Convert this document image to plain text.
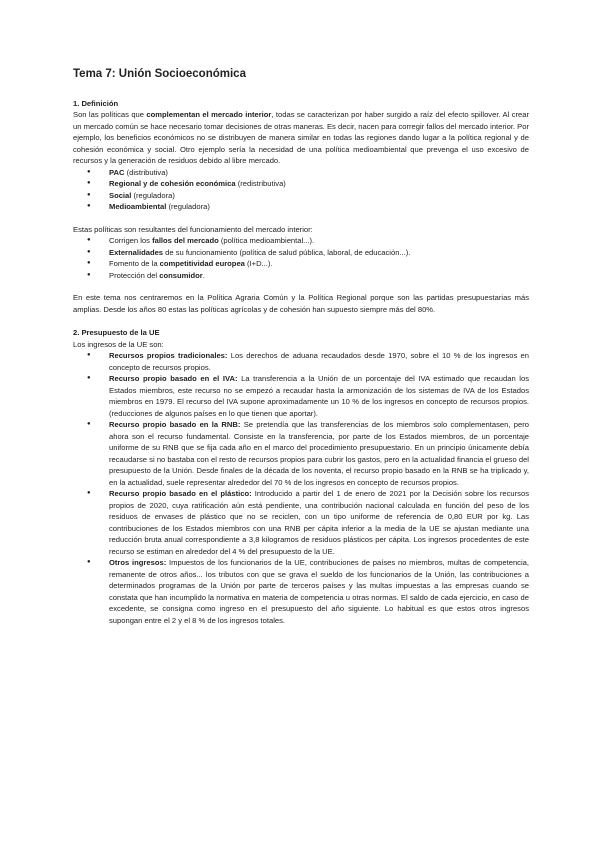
Tema 7: Unión Socioeconómica
1. Definición

Son las políticas que complementan el mercado interior, todas se caracterizan por haber surgido a raíz del efecto spillover. Al crear un mercado común se hace necesario tomar decisiones de otras maneras. Es decir, nacen para corregir fallos del mercado interior. Por ejemplo, los beneficios económicos no se distribuyen de manera similar en todas las regiones dando lugar a la política regional y de cohesión económica y social. Otro ejemplo sería la necesidad de una política medioambiental que prevenga el uso excesivo de recursos y la generación de residuos debido al libre mercado.

● PAC (distributiva)
● Regional y de cohesión económica (redistributiva)
● Social (reguladora)
● Medioambiental (reguladora)

Estas políticas son resultantes del funcionamiento del mercado interior:

● Corrigen los fallos del mercado (política medioambiental...).
● Externalidades de su funcionamiento (política de salud pública, laboral, de educación...).
● Fomento de la competitividad europea (I+D...).
● Protección del consumidor.

En este tema nos centraremos en la Política Agraria Común y la Política Regional porque son las partidas presupuestarias más amplias. Desde los años 80 estas las políticas agrícolas y de cohesión han supuesto siempre más del 80%.

2. Presupuesto de la UE

Los ingresos de la UE son:

● Recursos propios tradicionales: Los derechos de aduana recaudados desde 1970, sobre el 10 % de los ingresos en concepto de recursos propios.
● Recurso propio basado en el IVA: La transferencia a la Unión de un porcentaje del IVA estimado que recaudan los Estados miembros, este recurso no se empezó a recaudar hasta la armonización de los sistemas de IVA de los Estados miembros en 1979. El recurso del IVA supone aproximadamente un 10 % de los ingresos en concepto de recursos propios. (reducciones de algunos países en lo que tienen que aportar).
● Recurso propio basado en la RNB: Se pretendía que las transferencias de los miembros solo complementasen, pero ahora son el recurso fundamental. Consiste en la transferencia, por parte de los Estados miembros, de un porcentaje uniforme de su RNB que se fija cada año en el marco del procedimiento presupuestario. En un principio únicamente debía recaudarse si no bastaba con el resto de recursos propios para cubrir los gastos, pero en la actualidad financia el grueso del presupuesto de la Unión. Desde finales de la década de los noventa, el recurso propio basado en la RNB se ha triplicado y, en la actualidad, suele representar alrededor del 70 % de los ingresos en concepto de recursos propios.
● Recurso propio basado en el plástico: Introducido a partir del 1 de enero de 2021 por la Decisión sobre los recursos propios de 2020, cuya ratificación aún está pendiente, una contribución nacional calculada en función del peso de los residuos de envases de plástico que no se reciclen, con un tipo uniforme de referencia de 0,80 EUR por kg. Las contribuciones de los Estados miembros con una RNB per cápita inferior a la media de la UE se ajustan mediante una reducción bruta anual correspondiente a 3,8 kilogramos de residuos plásticos per cápita. Los ingresos procedentes de este recurso se estiman en alrededor del 4 % del presupuesto de la UE.
● Otros ingresos: Impuestos de los funcionarios de la UE, contribuciones de países no miembros, multas de competencia, remanente de otros años... los tributos con que se grava el sueldo de los funcionarios de la Unión, las contribuciones a determinados programas de la Unión por parte de terceros países y las multas impuestas a las empresas cuando se constata que han incumplido la normativa en materia de competencia u otras normas. El saldo de cada ejercicio, en caso de excedente, se consigna como ingreso en el presupuesto del año siguiente. Lo habitual es que estos otros ingresos supongan entre el 2 y el 8 % de los ingresos totales.
